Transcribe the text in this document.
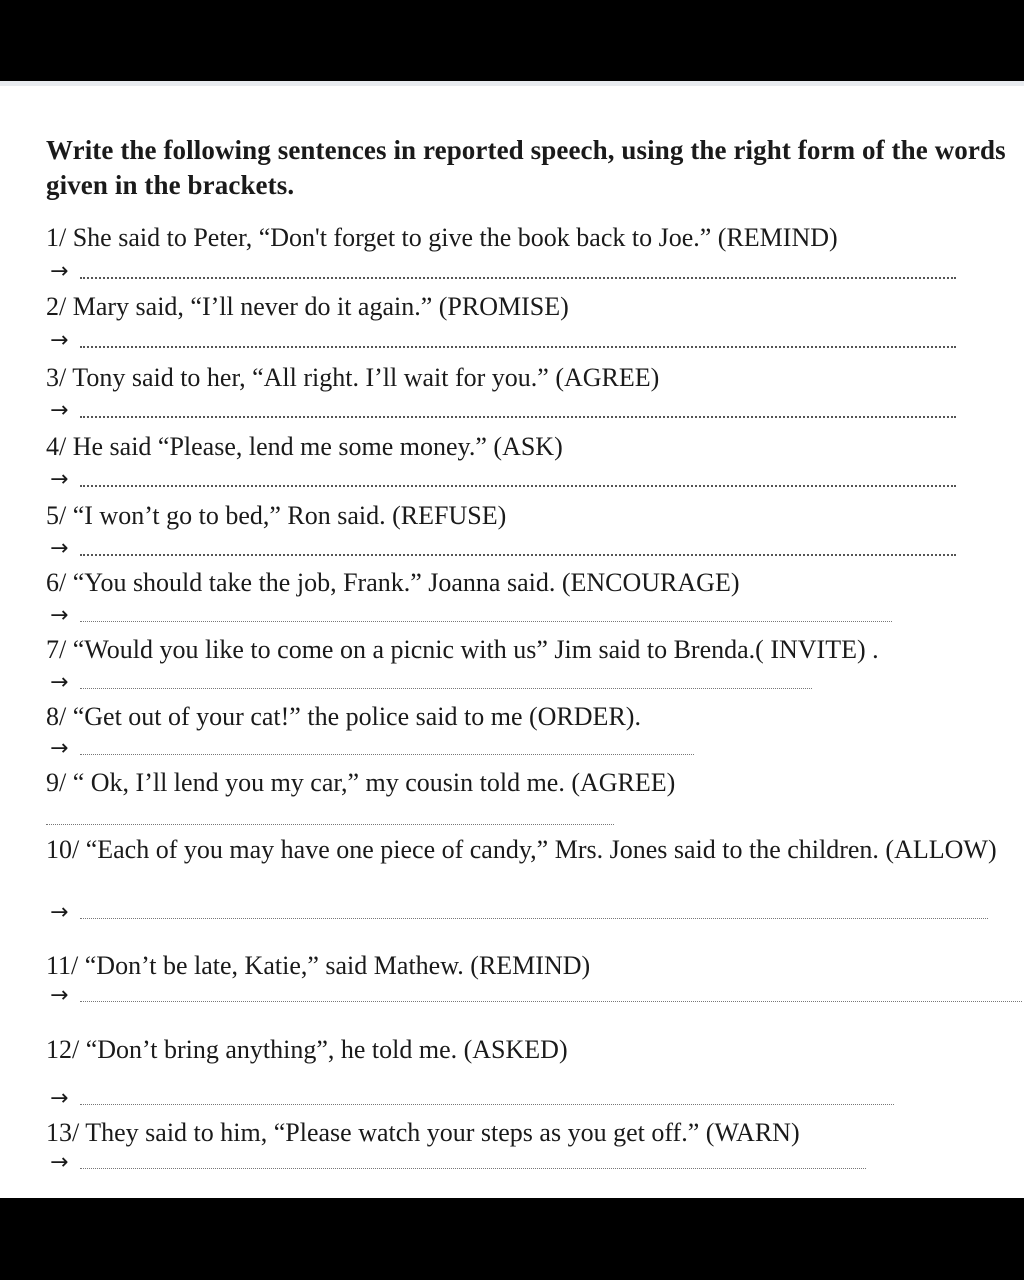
Write the following sentences in reported speech, using the right form of the words given in the brackets.
1/ She said to Peter, “Don't forget to give the book back to Joe.” (REMIND)
→
2/ Mary said, “I’ll never do it again.” (PROMISE)
→
3/ Tony said to her, “All right. I’ll wait for you.” (AGREE)
→
4/ He said “Please, lend me some money.” (ASK)
→
5/ “I won’t go to bed,” Ron said. (REFUSE)
→
6/ “You should take the job, Frank.” Joanna said. (ENCOURAGE)
→
7/ “Would you like to come on a picnic with us” Jim said to Brenda.( INVITE) .
→
8/ “Get out of your cat!” the police said to me (ORDER).
→
9/ “ Ok, I’ll lend you my car,” my cousin told me. (AGREE)
10/ “Each of you may have one piece of candy,” Mrs. Jones said to the children. (ALLOW)
→
11/ “Don’t be late, Katie,” said Mathew. (REMIND)
→
12/ “Don’t bring anything”, he told me. (ASKED)
→
13/ They said to him, “Please watch your steps as you get off.” (WARN)
→
